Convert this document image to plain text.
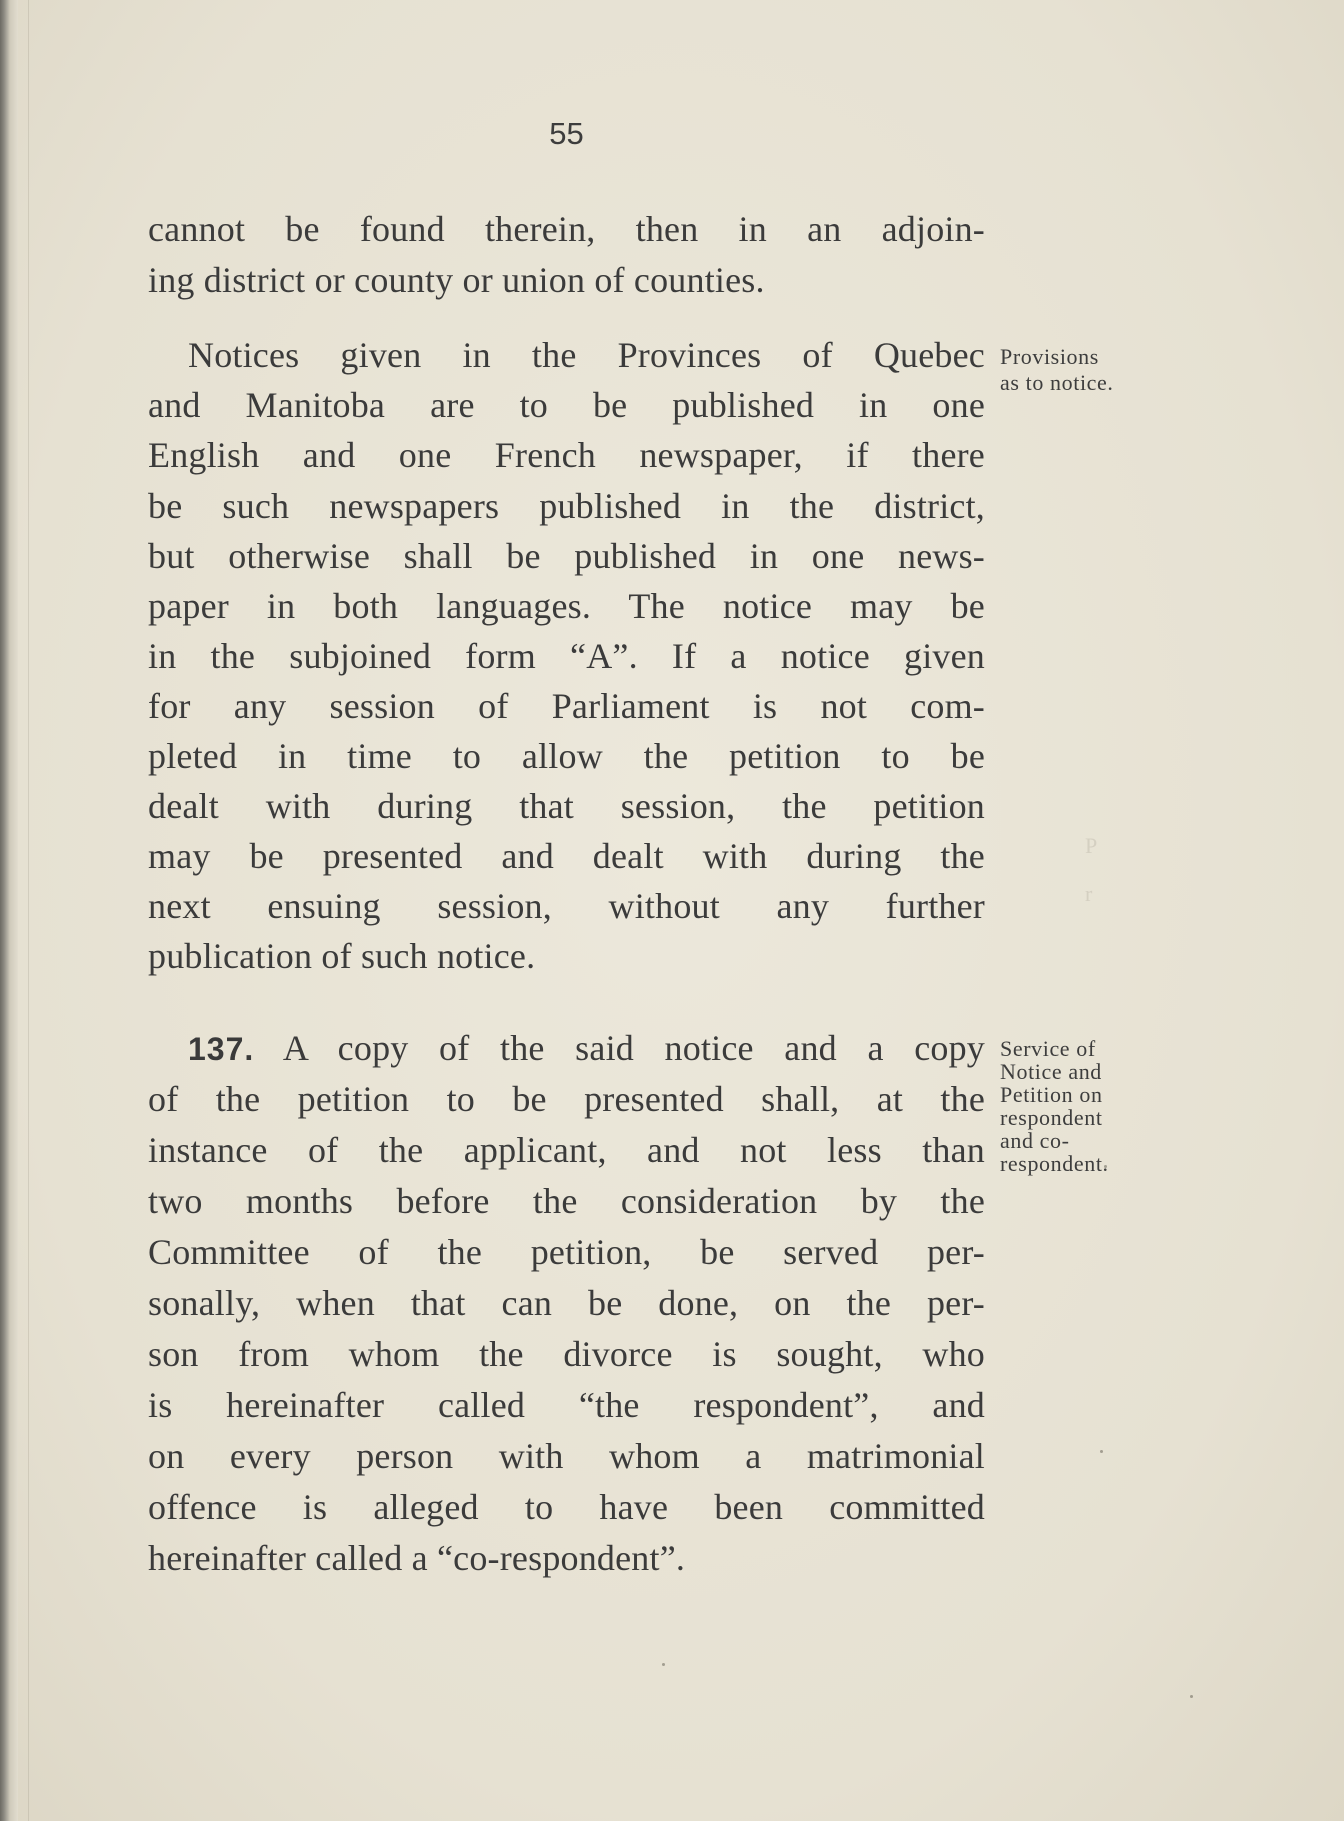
P
r
55
cannot be found therein, then in an adjoin-
ing district or county or union of counties.
Notices given in the Provinces of Quebec
and Manitoba are to be published in one
English and one French newspaper, if there
be such newspapers published in the district,
but otherwise shall be published in one news-
paper in both languages. The notice may be
in the subjoined form “A”. If a notice given
for any session of Parliament is not com-
pleted in time to allow the petition to be
dealt with during that session, the petition
may be presented and dealt with during the
next ensuing session, without any further
publication of such notice.
Provisions
as to notice.
137. A copy of the said notice and a copy
of the petition to be presented shall, at the
instance of the applicant, and not less than
two months before the consideration by the
Committee of the petition, be served per-
sonally, when that can be done, on the per-
son from whom the divorce is sought, who
is hereinafter called “the respondent”, and
on every person with whom a matrimonial
offence is alleged to have been committed
hereinafter called a “co-respondent”.
Service of
Notice and
Petition on
respondent
and co-
respondent.
